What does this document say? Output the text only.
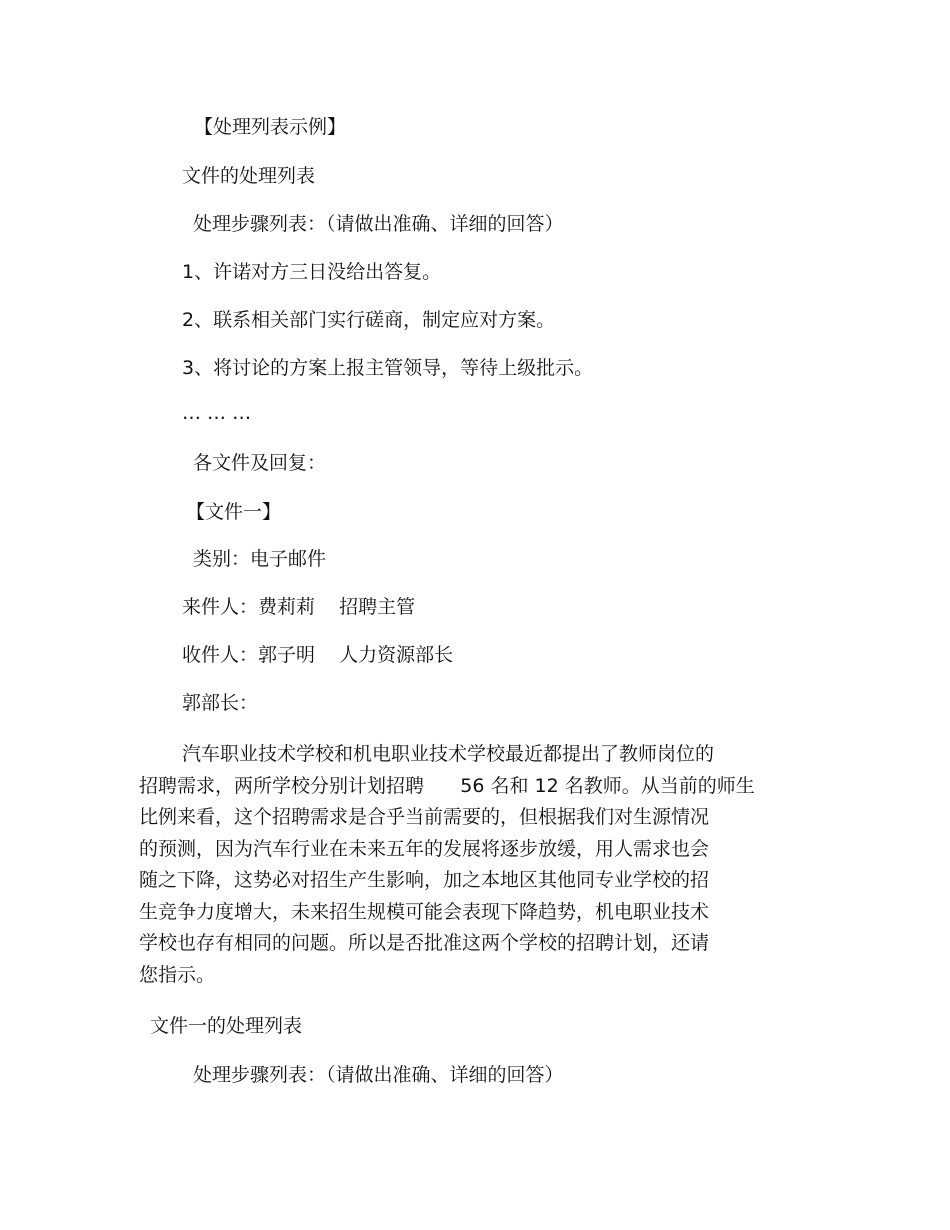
【处理列表示例】
文件的处理列表
处理步骤列表：（请做出准确、详细的回答）
1、许诺对方三日没给出答复。
2、联系相关部门实行磋商，制定应对方案。
3、将讨论的方案上报主管领导，等待上级批示。
… … …
各文件及回复：
【文件一】
类别：电子邮件
来件人：费莉莉    招聘主管
收件人：郭子明    人力资源部长
郭部长：
汽车职业技术学校和机电职业技术学校最近都提出了教师岗位的
招聘需求，两所学校分别计划招聘      56 名和 12 名教师。从当前的师生
比例来看，这个招聘需求是合乎当前需要的，但根据我们对生源情况
的预测，因为汽车行业在未来五年的发展将逐步放缓，用人需求也会
随之下降，这势必对招生产生影响，加之本地区其他同专业学校的招
生竞争力度增大，未来招生规模可能会表现下降趋势，机电职业技术
学校也存有相同的问题。所以是否批准这两个学校的招聘计划，还请
您指示。
文件一的处理列表
处理步骤列表：（请做出准确、详细的回答）
